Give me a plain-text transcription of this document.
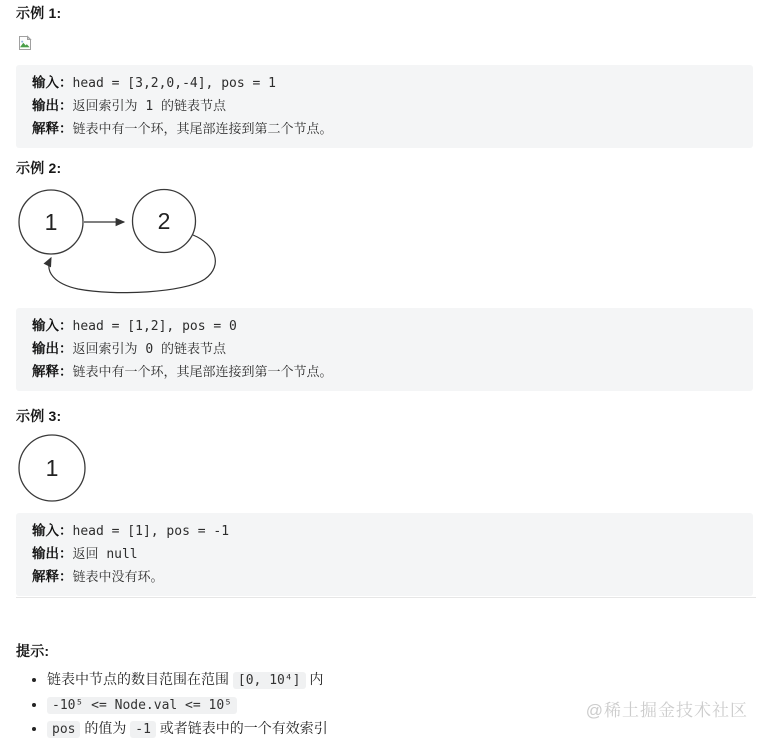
示例 1:
输入：head = [3,2,0,-4], pos = 1
输出：返回索引为 1 的链表节点
解释：链表中有一个环，其尾部连接到第二个节点。
示例 2:
1	2
输入：head = [1,2], pos = 0
输出：返回索引为 0 的链表节点
解释：链表中有一个环，其尾部连接到第一个节点。
示例 3:
1
输入：head = [1], pos = -1
输出：返回 null
解释：链表中没有环。
提示:
• 链表中节点的数目范围在范围 [0, 10⁴] 内
• -10⁵ <= Node.val <= 10⁵
• pos 的值为 -1 或者链表中的一个有效索引
@稀土掘金技术社区
